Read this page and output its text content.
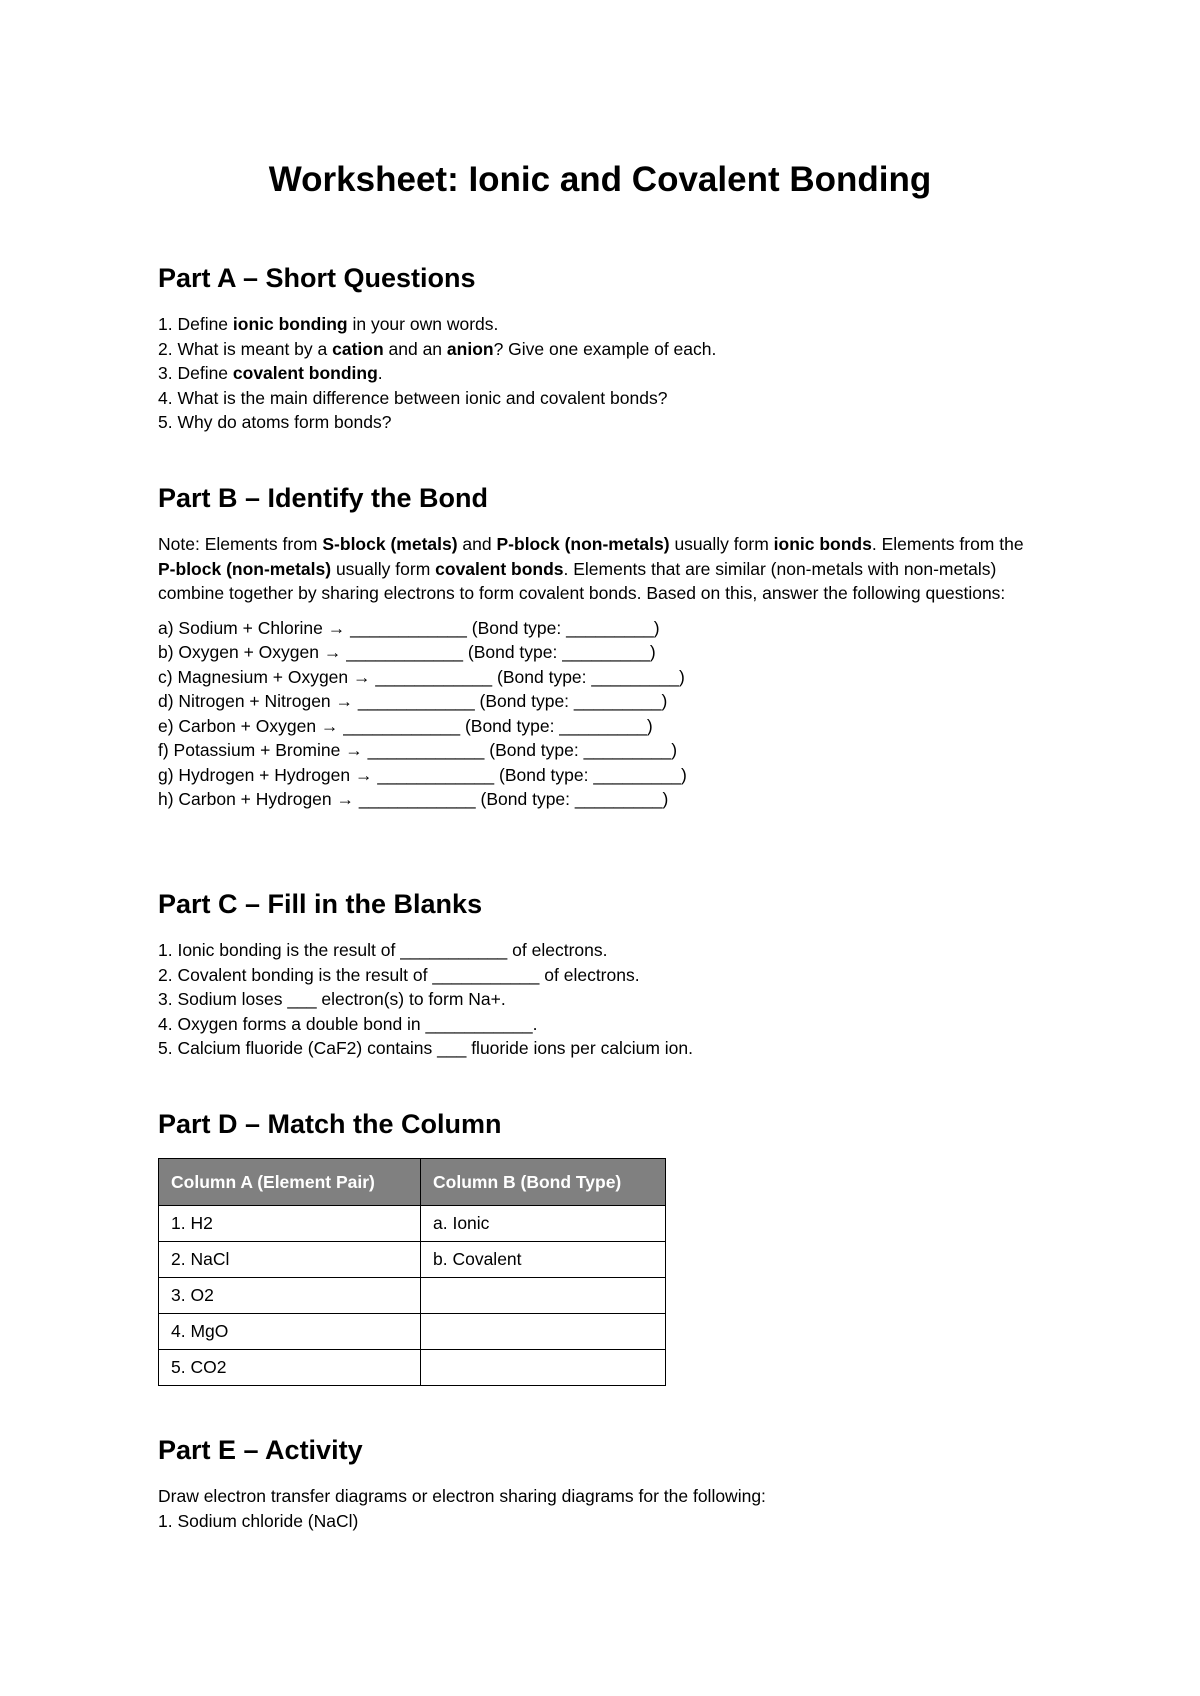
Worksheet: Ionic and Covalent Bonding
Part A – Short Questions
1. Define ionic bonding in your own words.
2. What is meant by a cation and an anion? Give one example of each.
3. Define covalent bonding.
4. What is the main difference between ionic and covalent bonds?
5. Why do atoms form bonds?
Part B – Identify the Bond
Note: Elements from S-block (metals) and P-block (non-metals) usually form ionic bonds. Elements from the P-block (non-metals) usually form covalent bonds. Elements that are similar (non-metals with non-metals) combine together by sharing electrons to form covalent bonds. Based on this, answer the following questions:
a) Sodium + Chlorine → ____________ (Bond type: _________)
b) Oxygen + Oxygen → ____________ (Bond type: _________)
c) Magnesium + Oxygen → ____________ (Bond type: _________)
d) Nitrogen + Nitrogen → ____________ (Bond type: _________)
e) Carbon + Oxygen → ____________ (Bond type: _________)
f) Potassium + Bromine → ____________ (Bond type: _________)
g) Hydrogen + Hydrogen → ____________ (Bond type: _________)
h) Carbon + Hydrogen → ____________ (Bond type: _________)
Part C – Fill in the Blanks
1. Ionic bonding is the result of ___________ of electrons.
2. Covalent bonding is the result of ___________ of electrons.
3. Sodium loses ___ electron(s) to form Na+.
4. Oxygen forms a double bond in ___________.
5. Calcium fluoride (CaF2) contains ___ fluoride ions per calcium ion.
Part D – Match the Column
Column A (Element Pair)	Column B (Bond Type)
1. H2	a. Ionic
2. NaCl	b. Covalent
3. O2	
4. MgO	
5. CO2	
Part E – Activity
Draw electron transfer diagrams or electron sharing diagrams for the following:
1. Sodium chloride (NaCl)
